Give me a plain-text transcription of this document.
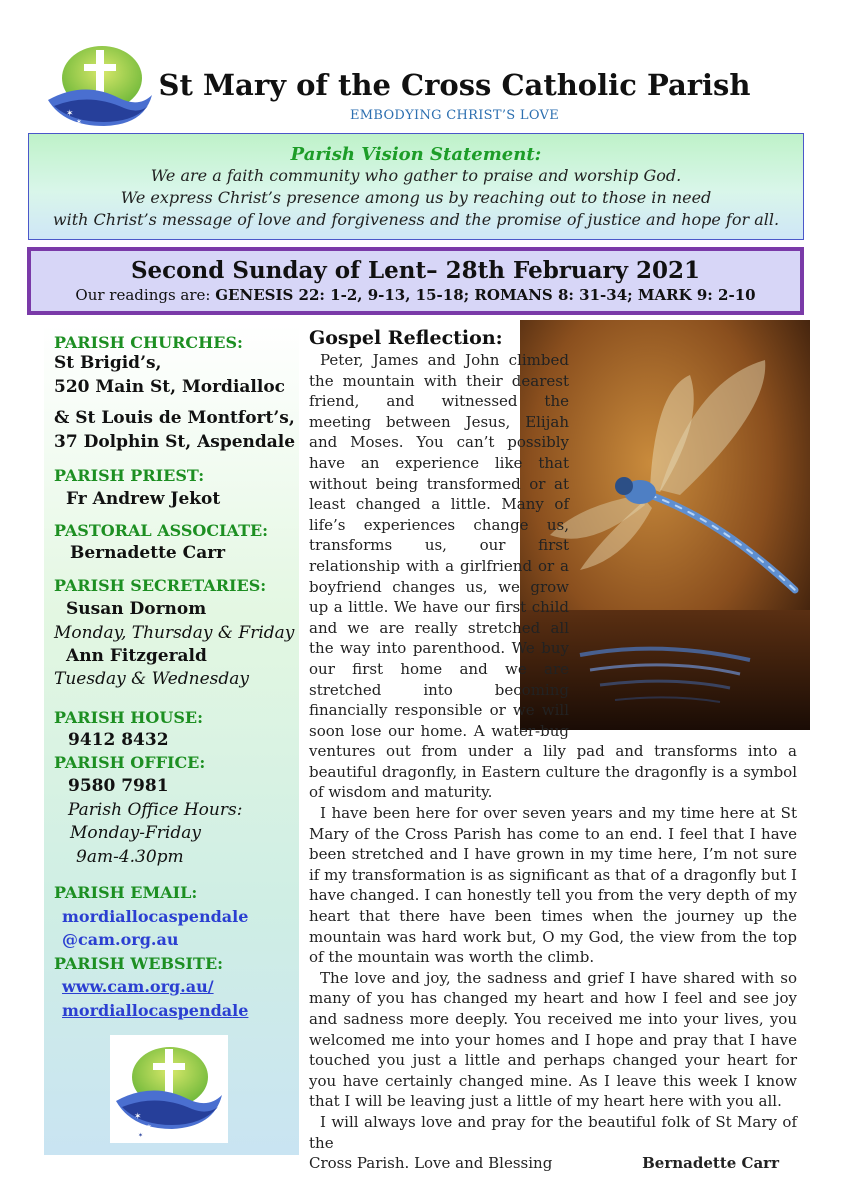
✶
✶
✶
St Mary of the Cross Catholic Parish
EMBODYING CHRIST’S LOVE
Parish Vision Statement:
We are a faith community who gather to praise and worship God.
We express Christ’s presence among us by reaching out to those in need
with Christ’s message of love and forgiveness and the promise of justice and hope for all.
Second Sunday of Lent– 28th February 2021
Our readings are: GENESIS 22: 1-2, 9-13, 15-18; ROMANS 8: 31-34; MARK 9: 2-10
PARISH CHURCHES:
St Brigid’s,
520 Main St, Mordialloc
& St Louis de Montfort’s,
37 Dolphin St, Aspendale
PARISH PRIEST:
Fr Andrew Jekot
PASTORAL ASSOCIATE:
Bernadette Carr
PARISH SECRETARIES:
Susan Dornom
Monday, Thursday & Friday
Ann Fitzgerald
Tuesday & Wednesday
PARISH HOUSE:
9412 8432
PARISH OFFICE:
9580 7981
Parish Office Hours:
Monday-Friday
9am-4.30pm
PARISH EMAIL:
mordiallocaspendale
@cam.org.au
PARISH WEBSITE:
www.cam.org.au/
mordiallocaspendale
✶
✶
✶
Gospel Reflection:

Peter, James and John climbed the mountain with their dearest friend, and witnessed the meeting between Jesus, Elijah and Moses. You can’t possibly have an experience like that without being transformed or at least changed a little. Many of life’s experiences change us, transforms us, our first relationship with a girlfriend or a boyfriend changes us, we grow up a little. We have our first child and we are really stretched all the way into parenthood. We buy our first home and we are stretched into becoming financially responsible or we will soon lose our home. A water-bug ventures out from under a lily pad and transforms into a beautiful dragonfly, in Eastern culture the dragonfly is a symbol of wisdom and maturity.

I have been here for over seven years and my time here at St Mary of the Cross Parish has come to an end. I feel that I have been stretched and I have grown in my time here, I’m not sure if my transformation is as significant as that of a dragonfly but I have changed. I can honestly tell you from the very depth of my heart that there have been times when the journey up the mountain was hard work but, O my God, the view from the top of the mountain was worth the climb.

The love and joy, the sadness and grief I have shared with so many of you has changed my heart and how I feel and see joy and sadness more deeply. You received me into your lives, you welcomed me into your homes and I hope and pray that I have touched you just a little and perhaps changed your heart for you have certainly changed mine. As I leave this week I know that I will be leaving just a little of my heart here with you all.

I will always love and pray for the beautiful folk of St Mary of the

Cross Parish. Love and Blessing	Bernadette Carr
